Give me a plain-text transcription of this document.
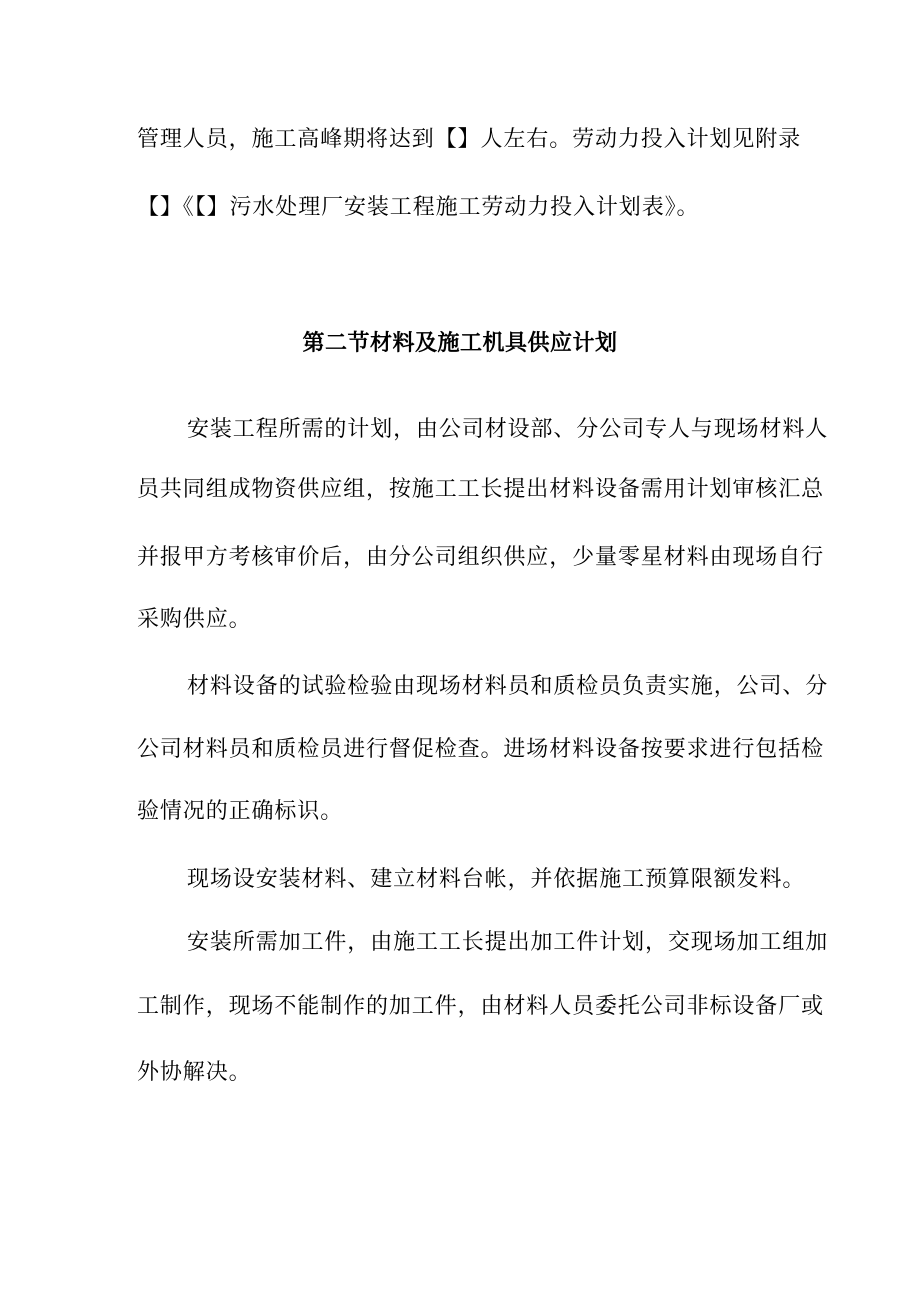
管理人员，施工高峰期将达到【】人左右。劳动力投入计划见附录
【】《【】污水处理厂安装工程施工劳动力投入计划表》。
第二节材料及施工机具供应计划
安装工程所需的计划，由公司材设部、分公司专人与现场材料人
员共同组成物资供应组，按施工工长提出材料设备需用计划审核汇总
并报甲方考核审价后，由分公司组织供应，少量零星材料由现场自行
采购供应。
材料设备的试验检验由现场材料员和质检员负责实施，公司、分
公司材料员和质检员进行督促检查。进场材料设备按要求进行包括检
验情况的正确标识。
现场设安装材料、建立材料台帐，并依据施工预算限额发料。
安装所需加工件，由施工工长提出加工件计划，交现场加工组加
工制作，现场不能制作的加工件，由材料人员委托公司非标设备厂或
外协解决。
